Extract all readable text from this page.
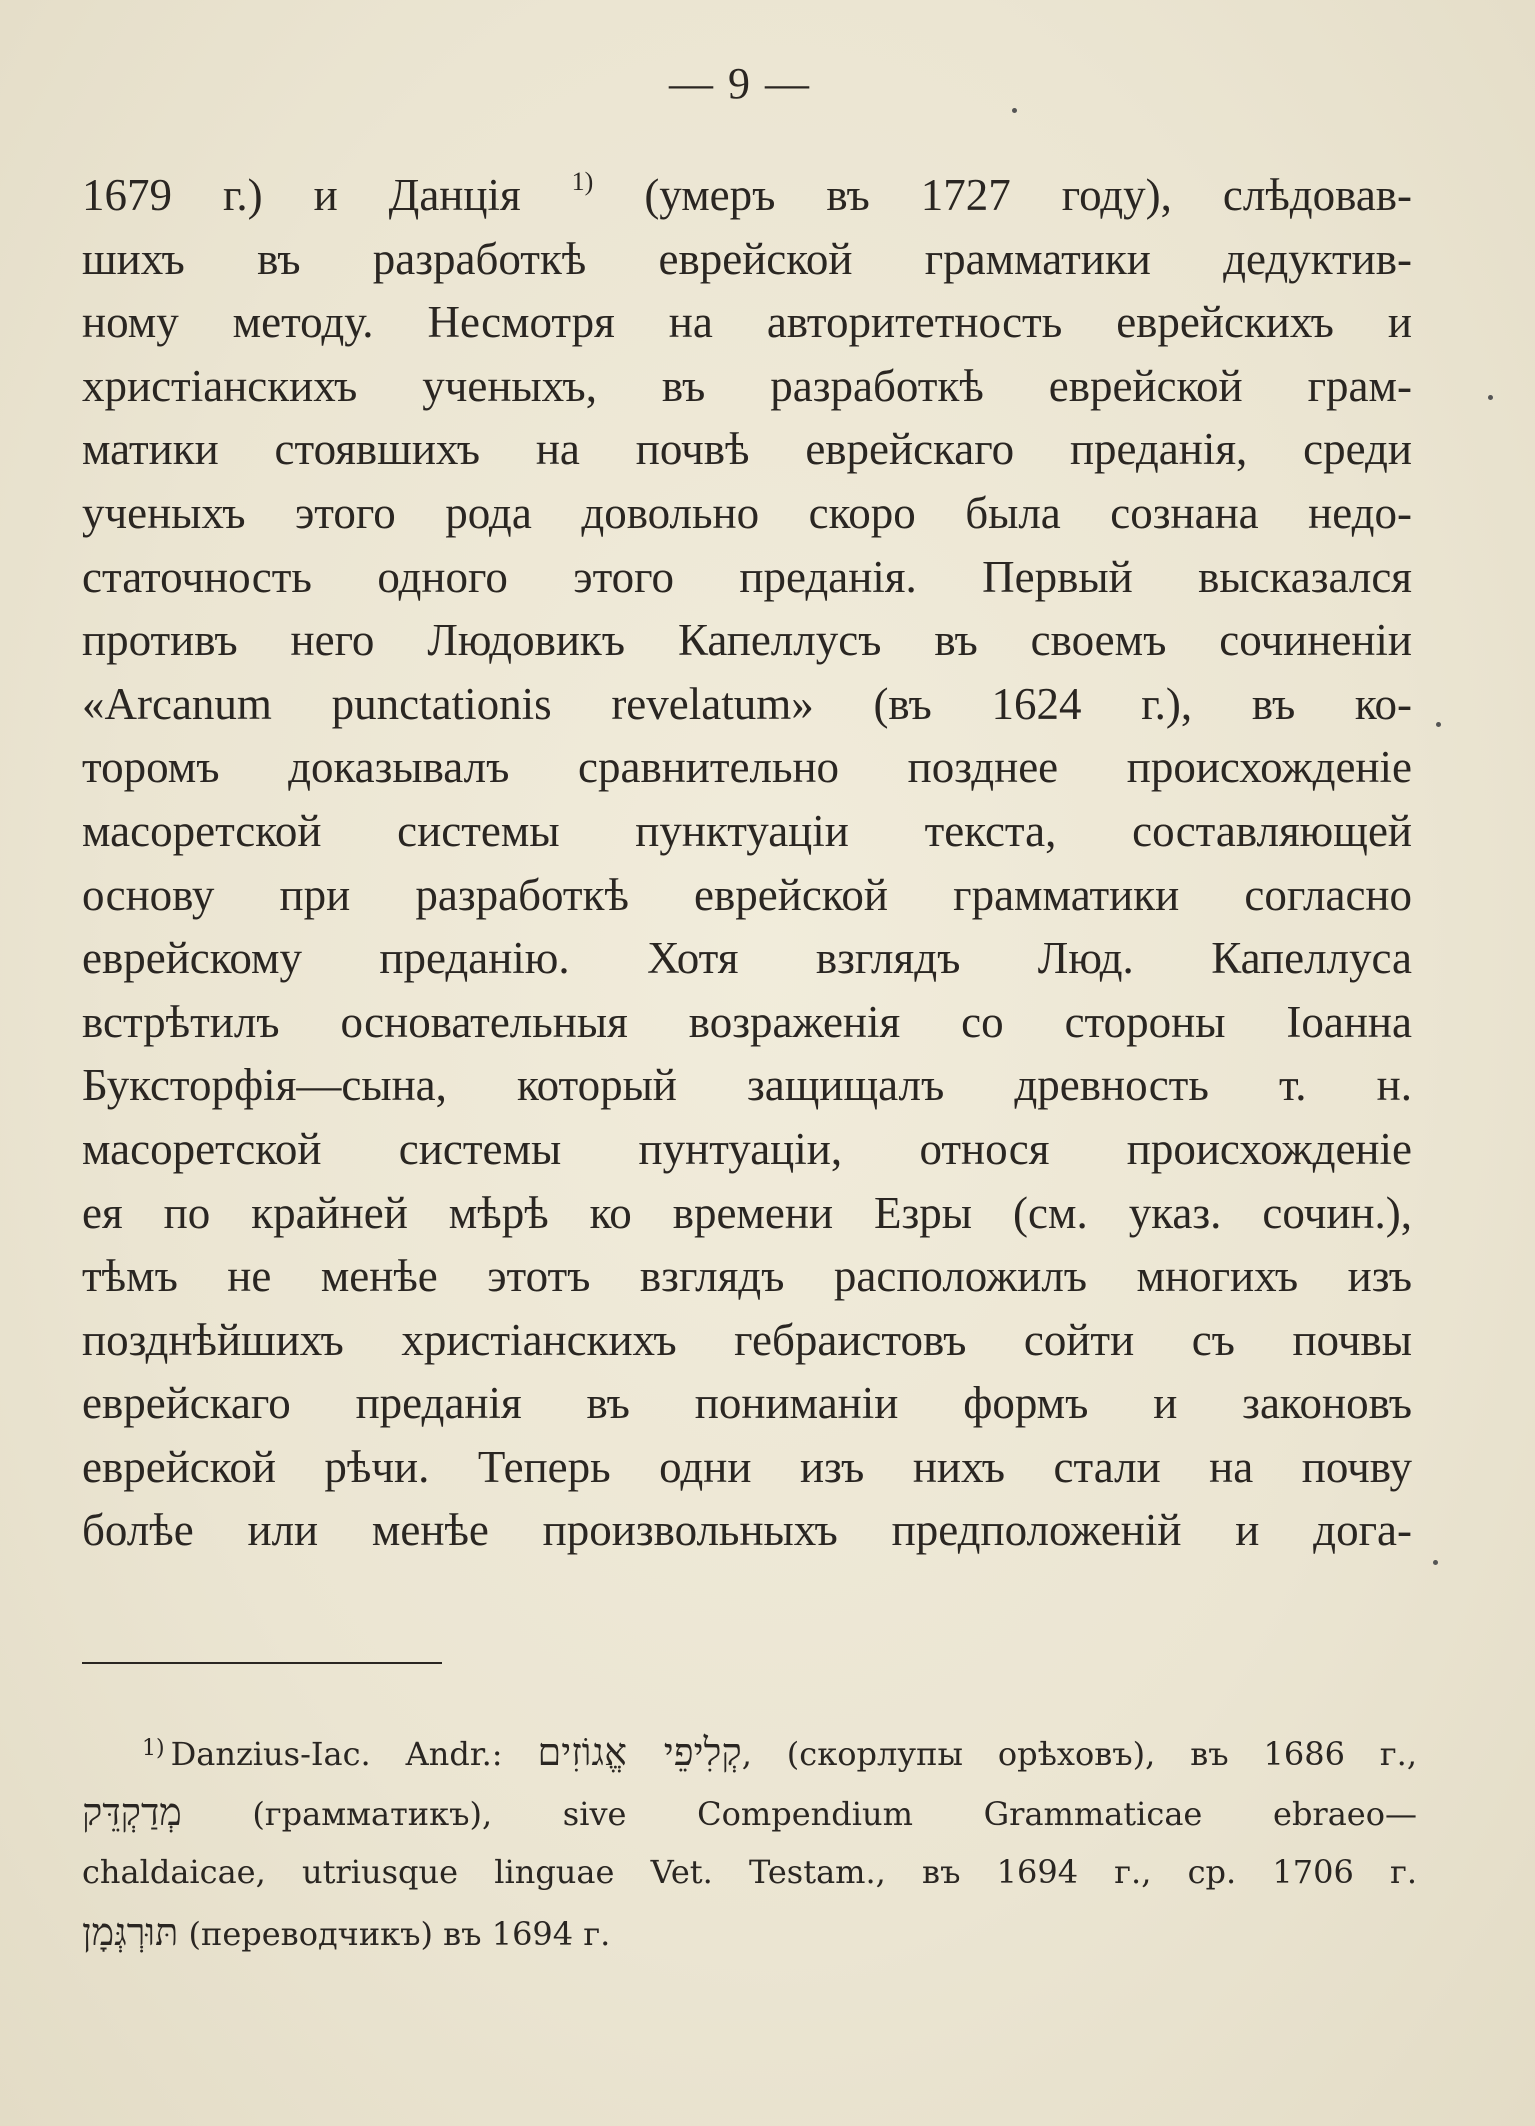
— 9 —
1679 г.) и Данція $^{1)}$ (умеръ въ 1727 году), слѣдовав-
шихъ въ разработкѣ еврейской грамматики дедуктив-
ному методу. Несмотря на авторитетность еврейскихъ и
христіанскихъ ученыхъ, въ разработкѣ еврейской грам-
матики стоявшихъ на почвѣ еврейскаго преданія, среди
ученыхъ этого рода довольно скоро была сознана недо-
статочность одного этого преданія. Первый высказался
противъ него Людовикъ Капеллусъ въ своемъ сочиненіи
«Arcanum punctationis revelatum» (въ 1624 г.), въ ко-
торомъ доказывалъ сравнительно позднее происхожденіе
масоретской системы пунктуаціи текста, составляющей
основу при разработкѣ еврейской грамматики согласно
еврейскому преданію. Хотя взглядъ Люд. Капеллуса
встрѣтилъ основательныя возраженія со стороны Іоанна
Буксторфія—сына, который защищалъ древность т. н.
масоретской системы пунтуаціи, относя происхожденіе
ея по крайней мѣрѣ ко времени Езры (см. указ. сочин.),
тѣмъ не менѣе этотъ взглядъ расположилъ многихъ изъ
позднѣйшихъ христіанскихъ гебраистовъ сойти съ почвы
еврейскаго преданія въ пониманіи формъ и законовъ
еврейской рѣчи. Теперь одни изъ нихъ стали на почву
болѣе или менѣе произвольныхъ предположеній и дога-
$^{1)}$ Danzius-Iac. Andr.: קְלִיפֵי אֱגוֹזִים, (скорлупы орѣховъ), въ 1686 г.,
מְדַקְדֵּק (грамматикъ), sive Compendium Grammaticae ebraeo—
chaldaicae, utriusque linguae Vet. Testam., въ 1694 г., ср. 1706 г.
תּוּרְגְּמָן (переводчикъ) въ 1694 г.
